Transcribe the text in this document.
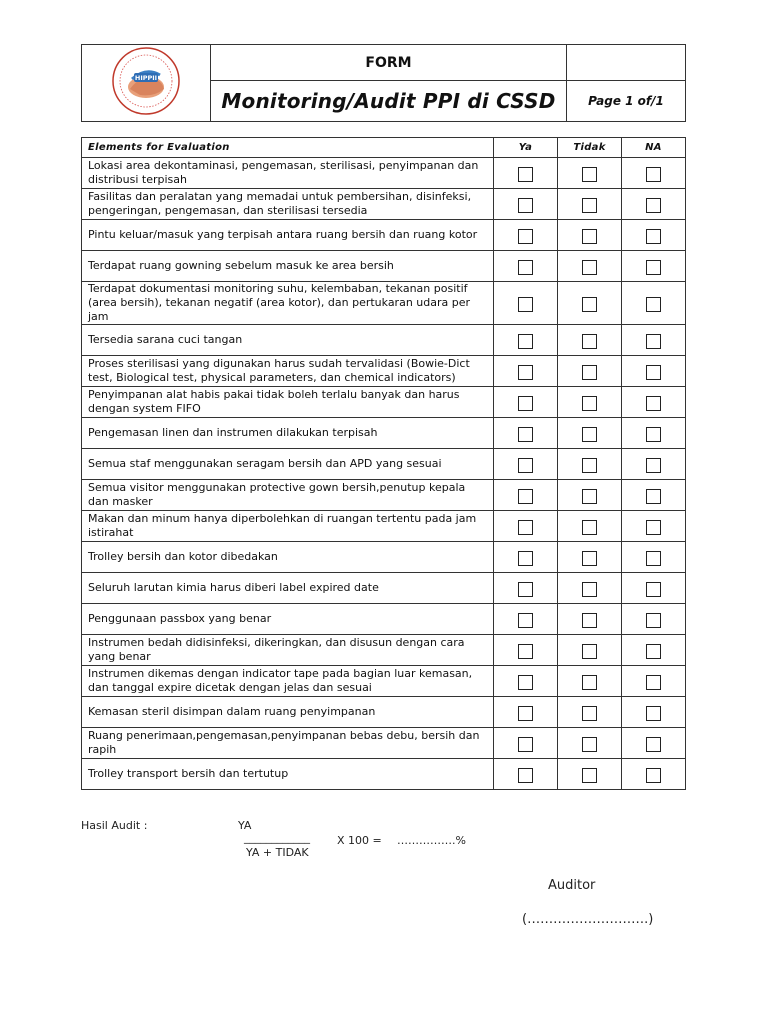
HIPPII	FORM	
	Monitoring/Audit PPI di CSSD	Page 1 of/1
Elements for Evaluation	Ya	Tidak	NA
Lokasi area dekontaminasi, pengemasan, sterilisasi, penyimpanan dan distribusi terpisah			
Fasilitas dan peralatan yang memadai untuk pembersihan, disinfeksi, pengeringan, pengemasan, dan sterilisasi tersedia			
Pintu keluar/masuk yang terpisah antara ruang bersih dan ruang kotor			
Terdapat ruang gowning sebelum masuk ke area bersih			
Terdapat dokumentasi monitoring suhu, kelembaban, tekanan positif (area bersih), tekanan negatif (area kotor), dan pertukaran udara per jam			
Tersedia sarana cuci tangan			
Proses sterilisasi yang digunakan harus sudah tervalidasi (Bowie-Dict test, Biological test, physical parameters, dan chemical indicators)			
Penyimpanan alat habis pakai tidak boleh terlalu banyak dan harus dengan system FIFO			
Pengemasan linen dan instrumen dilakukan terpisah			
Semua staf menggunakan seragam bersih dan APD yang sesuai			
Semua visitor menggunakan protective gown bersih,penutup kepala dan masker			
Makan dan minum hanya diperbolehkan di ruangan tertentu pada jam istirahat			
Trolley bersih dan kotor dibedakan			
Seluruh larutan kimia harus diberi label expired date			
Penggunaan passbox yang benar			
Instrumen bedah didisinfeksi, dikeringkan, dan disusun dengan cara yang benar			
Instrumen dikemas dengan indicator tape pada bagian luar kemasan, dan tanggal expire dicetak dengan jelas dan sesuai			
Kemasan steril disimpan dalam ruang penyimpanan			
Ruang penerimaan,pengemasan,penyimpanan bebas debu, bersih dan rapih			
Trolley transport bersih dan tertutup			
Hasil Audit :	YA
____________ X 100 = …………….%
YA + TIDAK
Auditor
(……………………….)
